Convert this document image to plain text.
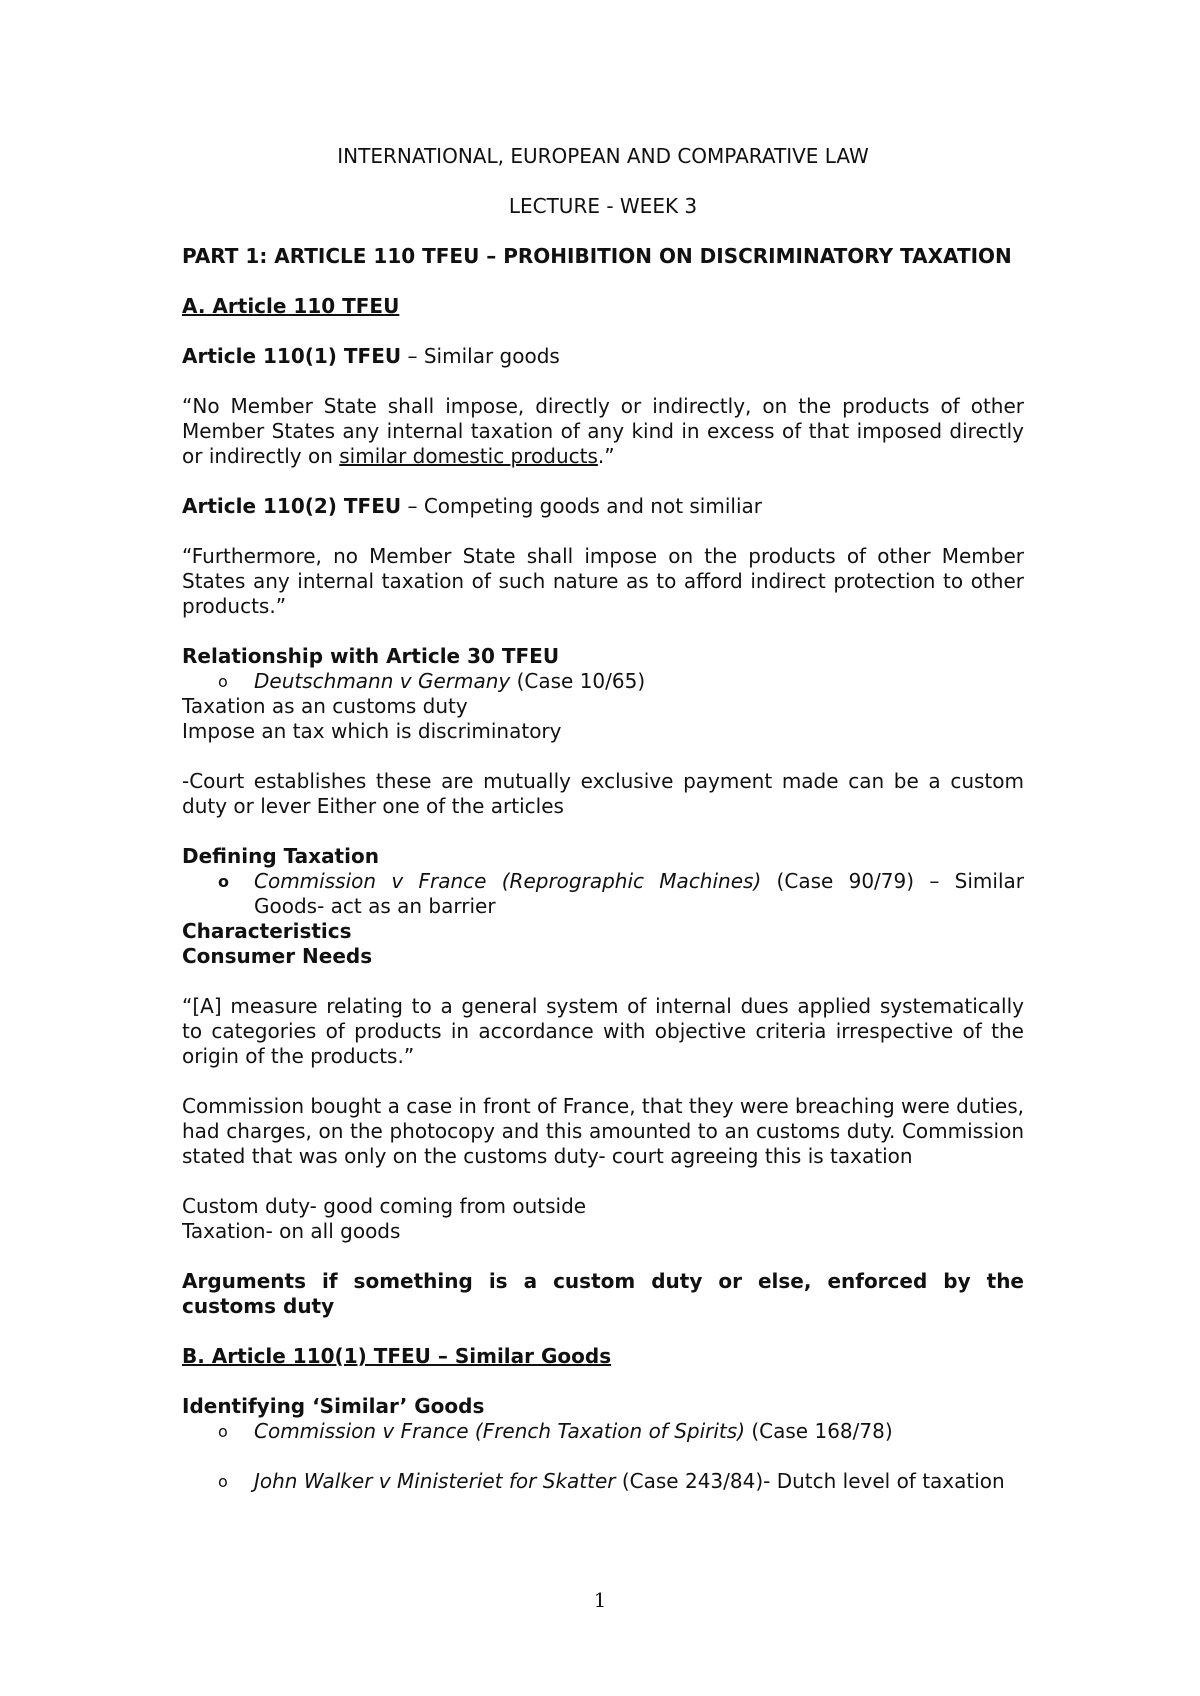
INTERNATIONAL, EUROPEAN AND COMPARATIVE LAW

LECTURE - WEEK 3

PART 1: ARTICLE 110 TFEU – PROHIBITION ON DISCRIMINATORY TAXATION

A. Article 110 TFEU

Article 110(1) TFEU – Similar goods

“No Member State shall impose, directly or indirectly, on the products of other Member States any internal taxation of any kind in excess of that imposed directly or indirectly on similar domestic products.”

Article 110(2) TFEU – Competing goods and not similiar

“Furthermore, no Member State shall impose on the products of other Member States any internal taxation of such nature as to afford indirect protection to other products.”

Relationship with Article 30 TFEU

o Deutschmann v Germany (Case 10/65)

Taxation as an customs duty

Impose an tax which is discriminatory

-Court establishes these are mutually exclusive payment made can be a custom duty or lever Either one of the articles

Defining Taxation

o Commission v France (Reprographic Machines) (Case 90/79) – Similar Goods- act as an barrier

Characteristics

Consumer Needs

“[A] measure relating to a general system of internal dues applied systematically to categories of products in accordance with objective criteria irrespective of the origin of the products.”

Commission bought a case in front of France, that they were breaching were duties, had charges, on the photocopy and this amounted to an customs duty. Commission stated that was only on the customs duty- court agreeing this is taxation

Custom duty- good coming from outside

Taxation- on all goods

Arguments if something is a custom duty or else, enforced by the customs duty

B. Article 110(1) TFEU – Similar Goods

Identifying ‘Similar’ Goods

o Commission v France (French Taxation of Spirits) (Case 168/78)

o John Walker v Ministeriet for Skatter (Case 243/84)- Dutch level of taxation

1
